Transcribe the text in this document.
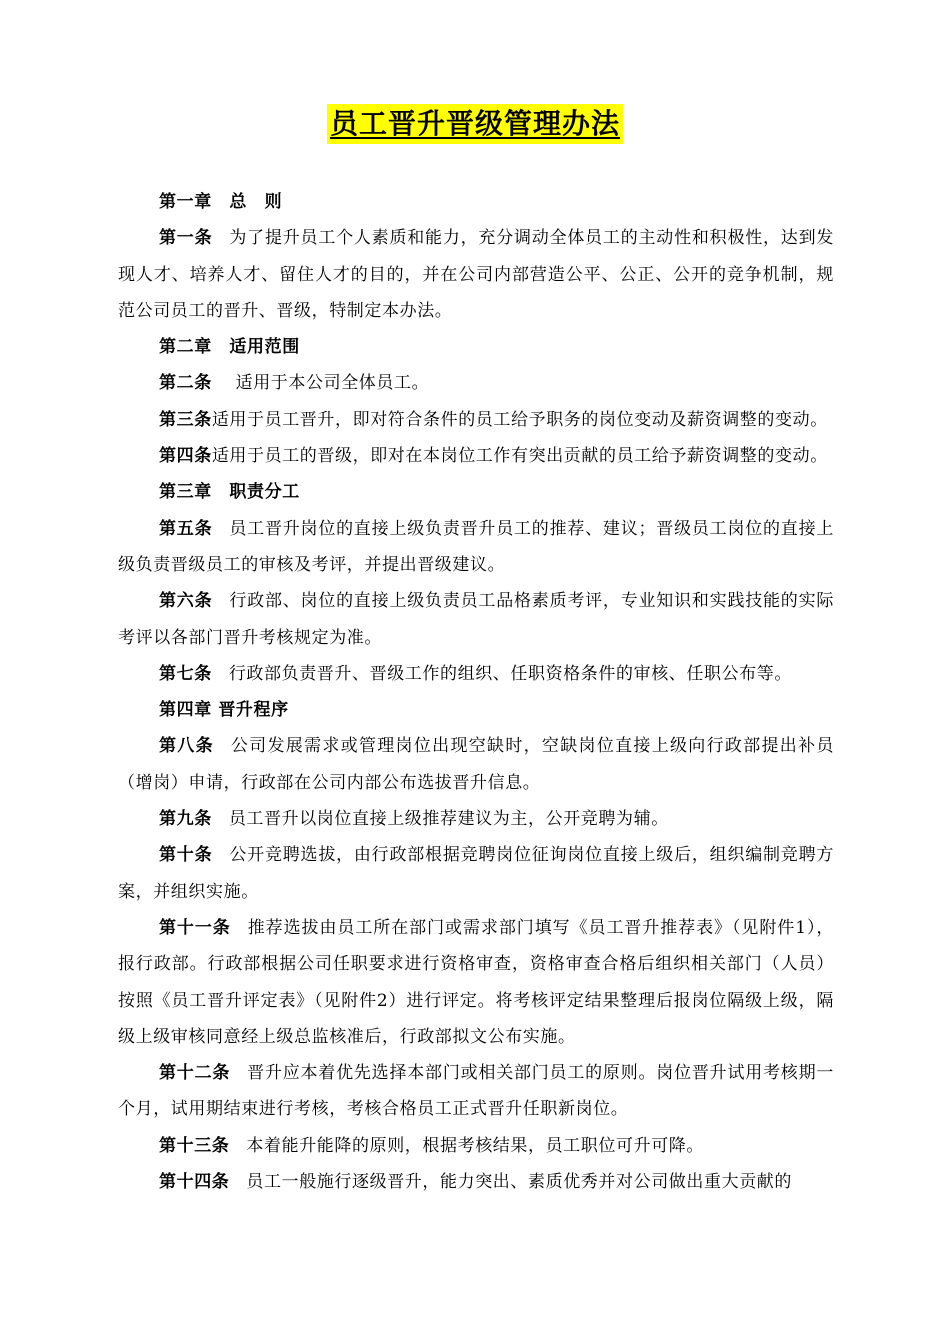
员工晋升晋级管理办法

第一章　总　则

第一条 为了提升员工个人素质和能力，充分调动全体员工的主动性和积极性，达到发现人才、培养人才、留住人才的目的，并在公司内部营造公平、公正、公开的竞争机制，规范公司员工的晋升、晋级，特制定本办法。

第二章　适用范围

第二条 适用于本公司全体员工。

第三条适用于员工晋升，即对符合条件的员工给予职务的岗位变动及薪资调整的变动。

第四条适用于员工的晋级，即对在本岗位工作有突出贡献的员工给予薪资调整的变动。

第三章　职责分工

第五条 员工晋升岗位的直接上级负责晋升员工的推荐、建议；晋级员工岗位的直接上级负责晋级员工的审核及考评，并提出晋级建议。

第六条 行政部、岗位的直接上级负责员工品格素质考评，专业知识和实践技能的实际考评以各部门晋升考核规定为准。

第七条 行政部负责晋升、晋级工作的组织、任职资格条件的审核、任职公布等。

第四章 晋升程序

第八条 公司发展需求或管理岗位出现空缺时，空缺岗位直接上级向行政部提出补员（增岗）申请，行政部在公司内部公布选拔晋升信息。

第九条 员工晋升以岗位直接上级推荐建议为主，公开竞聘为辅。

第十条 公开竞聘选拔，由行政部根据竞聘岗位征询岗位直接上级后，组织编制竞聘方案，并组织实施。

第十一条 推荐选拔由员工所在部门或需求部门填写《员工晋升推荐表》（见附件1），报行政部。行政部根据公司任职要求进行资格审查，资格审查合格后组织相关部门（人员）按照《员工晋升评定表》（见附件2）进行评定。将考核评定结果整理后报岗位隔级上级，隔级上级审核同意经上级总监核准后，行政部拟文公布实施。

第十二条 晋升应本着优先选择本部门或相关部门员工的原则。岗位晋升试用考核期一个月，试用期结束进行考核，考核合格员工正式晋升任职新岗位。

第十三条 本着能升能降的原则，根据考核结果，员工职位可升可降。

第十四条 员工一般施行逐级晋升，能力突出、素质优秀并对公司做出重大贡献的
